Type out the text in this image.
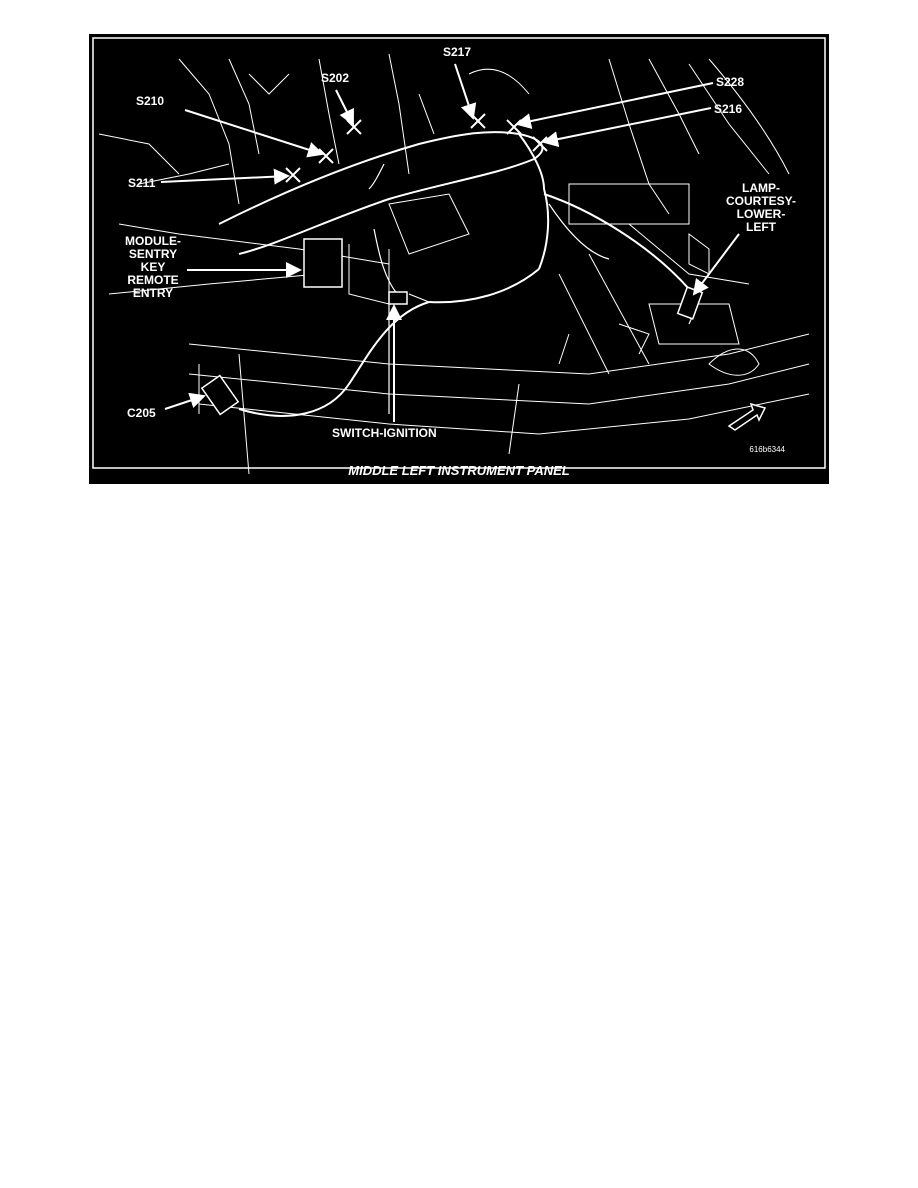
S210
S202
S217
S228
S216
S211
MODULE-
SENTRY
KEY
REMOTE
ENTRY
LAMP-
COURTESY-
LOWER-
LEFT
C205
SWITCH-IGNITION
616b6344
MIDDLE LEFT INSTRUMENT PANEL
